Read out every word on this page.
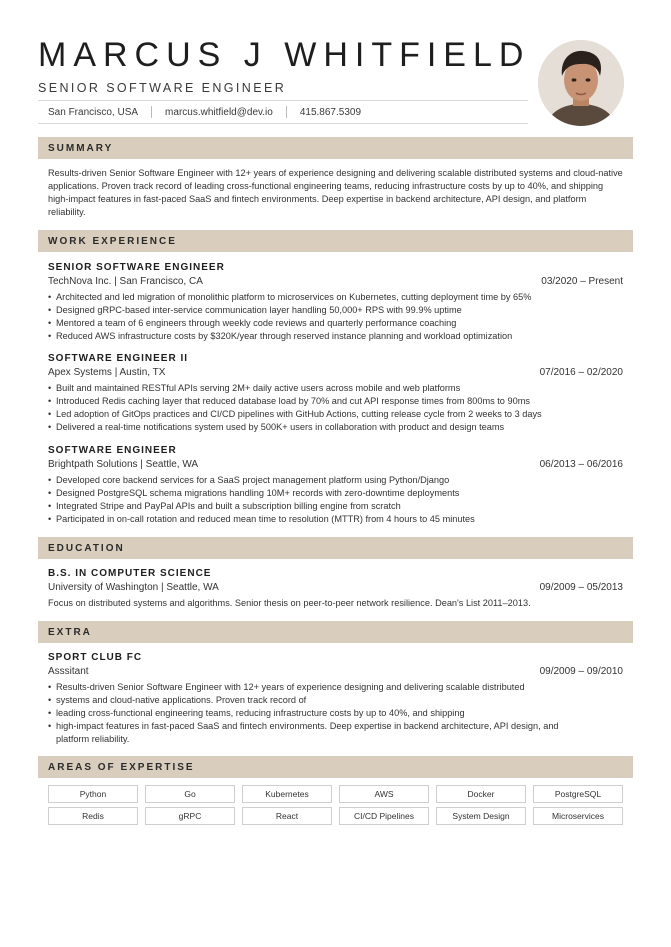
MARCUS J WHITFIELD
SENIOR SOFTWARE ENGINEER
San Francisco, USA	marcus.whitfield@dev.io	415.867.5309
SUMMARY
Results-driven Senior Software Engineer with 12+ years of experience designing and delivering scalable distributed systems and cloud-native applications. Proven track record of leading cross-functional engineering teams, reducing infrastructure costs by up to 40%, and shipping high-impact features in fast-paced SaaS and fintech environments. Deep expertise in backend architecture, API design, and platform reliability.
WORK EXPERIENCE
SENIOR SOFTWARE ENGINEER
TechNova Inc. | San Francisco, CA	03/2020 – Present
• Architected and led migration of monolithic platform to microservices on Kubernetes, cutting deployment time by 65%
• Designed gRPC-based inter-service communication layer handling 50,000+ RPS with 99.9% uptime
• Mentored a team of 6 engineers through weekly code reviews and quarterly performance coaching
• Reduced AWS infrastructure costs by $320K/year through reserved instance planning and workload optimization
SOFTWARE ENGINEER II
Apex Systems | Austin, TX	07/2016 – 02/2020
• Built and maintained RESTful APIs serving 2M+ daily active users across mobile and web platforms
• Introduced Redis caching layer that reduced database load by 70% and cut API response times from 800ms to 90ms
• Led adoption of GitOps practices and CI/CD pipelines with GitHub Actions, cutting release cycle from 2 weeks to 3 days
• Delivered a real-time notifications system used by 500K+ users in collaboration with product and design teams
SOFTWARE ENGINEER
Brightpath Solutions | Seattle, WA	06/2013 – 06/2016
• Developed core backend services for a SaaS project management platform using Python/Django
• Designed PostgreSQL schema migrations handling 10M+ records with zero-downtime deployments
• Integrated Stripe and PayPal APIs and built a subscription billing engine from scratch
• Participated in on-call rotation and reduced mean time to resolution (MTTR) from 4 hours to 45 minutes
EDUCATION
B.S. IN COMPUTER SCIENCE
University of Washington | Seattle, WA	09/2009 – 05/2013
Focus on distributed systems and algorithms. Senior thesis on peer-to-peer network resilience. Dean's List 2011–2013.
EXTRA
SPORT CLUB FC
Asssitant	09/2009 – 09/2010
• Results-driven Senior Software Engineer with 12+ years of experience designing and delivering scalable distributed
• systems and cloud-native applications. Proven track record of
• leading cross-functional engineering teams, reducing infrastructure costs by up to 40%, and shipping
• high-impact features in fast-paced SaaS and fintech environments. Deep expertise in backend architecture, API design, and
platform reliability.
AREAS OF EXPERTISE
Python	Go	Kubernetes	AWS	Docker	PostgreSQL
Redis	gRPC	React	CI/CD Pipelines	System Design	Microservices
